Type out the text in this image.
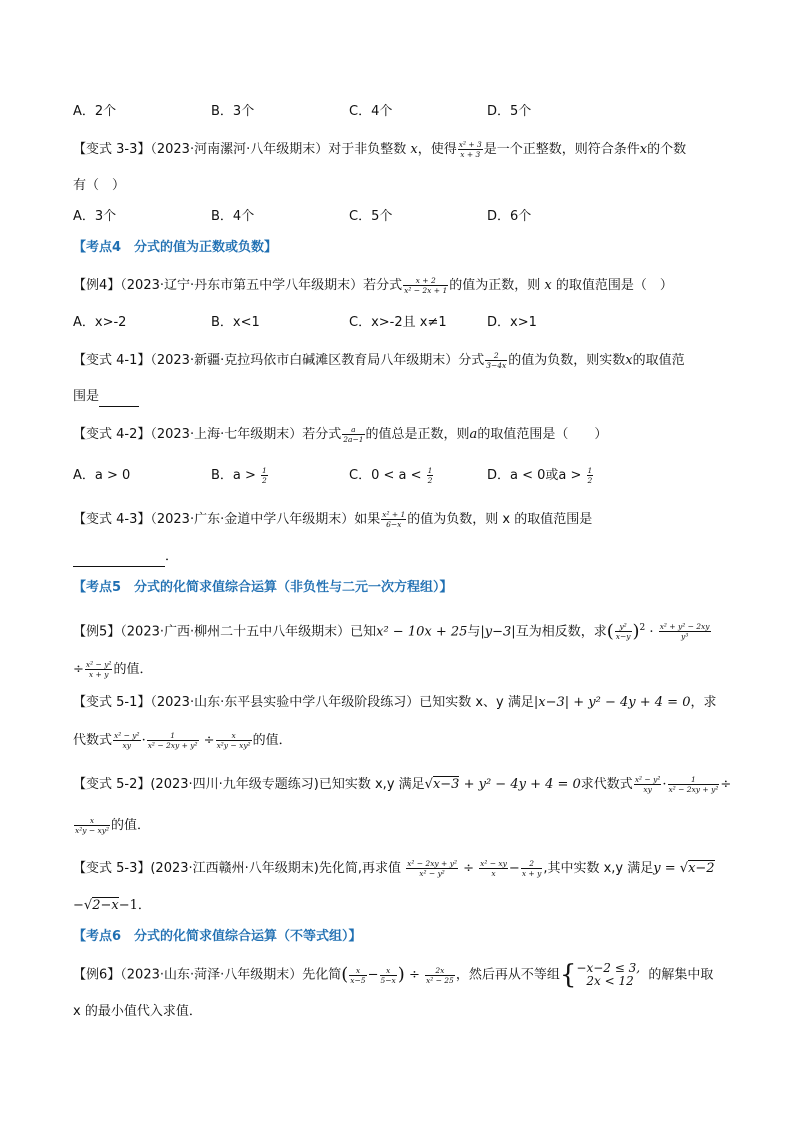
A．2个	B．3个	C．4个	D．5个
【变式 3-3】（2023·河南漯河·八年级期末）对于非负整数 x，使得 $\frac{\text{x² + 3}}{x + 3}$ 是一个正整数，则符合条件x的个数
有（　）
A．3个	B．4个	C．5个	D．6个
【考点4　分式的值为正数或负数】
【例4】（2023·辽宁·丹东市第五中学八年级期末）若分式 $\frac{x + 2}{\text{x² − 2x + 1}}$ 的值为正数，则 x 的取值范围是（　）
A．x>-2	B．x<1	C．x>-2且 x≠1	D．x>1
【变式 4-1】（2023·新疆·克拉玛依市白碱滩区教育局八年级期末）分式 $\frac{2}{3-4x}$ 的值为负数，则实数x的取值范
围是
【变式 4-2】（2023·上海·七年级期末）若分式 $\frac{a}{2a-1}$ 的值总是正数，则a的取值范围是（　　）
A．a > 0	B．$a > \frac{1}{2}$	C．$0 < a < \frac{1}{2}$	D．a < 0或$a > \frac{1}{2}$
【变式 4-3】（2023·广东·金道中学八年级期末）如果 $\frac{\text{x² + 1}}{6-x}$ 的值为负数，则 x 的取值范围是
．
【考点5　分式的化简求值综合运算（非负性与二元一次方程组）】
【例5】（2023·广西·柳州二十五中八年级期末）已知x² − 10x + 25与|y−3|互为相反数，求( $\frac{\text{y²}}{x-y} )^2 \cdot \frac{\text{x² + y² − 2xy}}{\text{y³}}$
÷ $\frac{\text{x² − y²}}{x + y}$ 的值．
【变式 5-1】（2023·山东·东平县实验中学八年级阶段练习）已知实数 x、y 满足|x−3| + y² − 4y + 4 = 0，求
代数式 $\frac{\text{x² − y²}}{xy} \cdot \frac{1}{\text{x² − 2xy + y²}} \div \frac{x}{\text{x²y − xy²}}$ 的值．
【变式 5-2】(2023·四川·九年级专题练习)已知实数 x,y 满足√x−3 + y² − 4y + 4 = 0求代数式 $\frac{\text{x² − y²}}{xy} \cdot \frac{1}{\text{x² − 2xy + y²}}$ ÷
$\frac{x}{\text{x²y − xy²}}$ 的值．
【变式 5-3】(2023·江西赣州·八年级期末)先化简,再求值 $\frac{\text{x² − 2xy + y²}}{\text{x² − y²}} \div \frac{\text{x² − xy}}{x} - \frac{2}{x + y}$ ,其中实数 x,y 满足y = √x−2
−√2−x−1．
【考点6　分式的化简求值综合运算（不等式组）】
【例6】（2023·山东·菏泽·八年级期末）先化简( $\frac{x}{x-5} - \frac{x}{5-x}$ ) ÷ $\frac{2x}{\text{x² − 25}}$ ，然后再从不等组{ −x−2 ≤ 3,
2x < 12	的解集中取
x 的最小值代入求值．
